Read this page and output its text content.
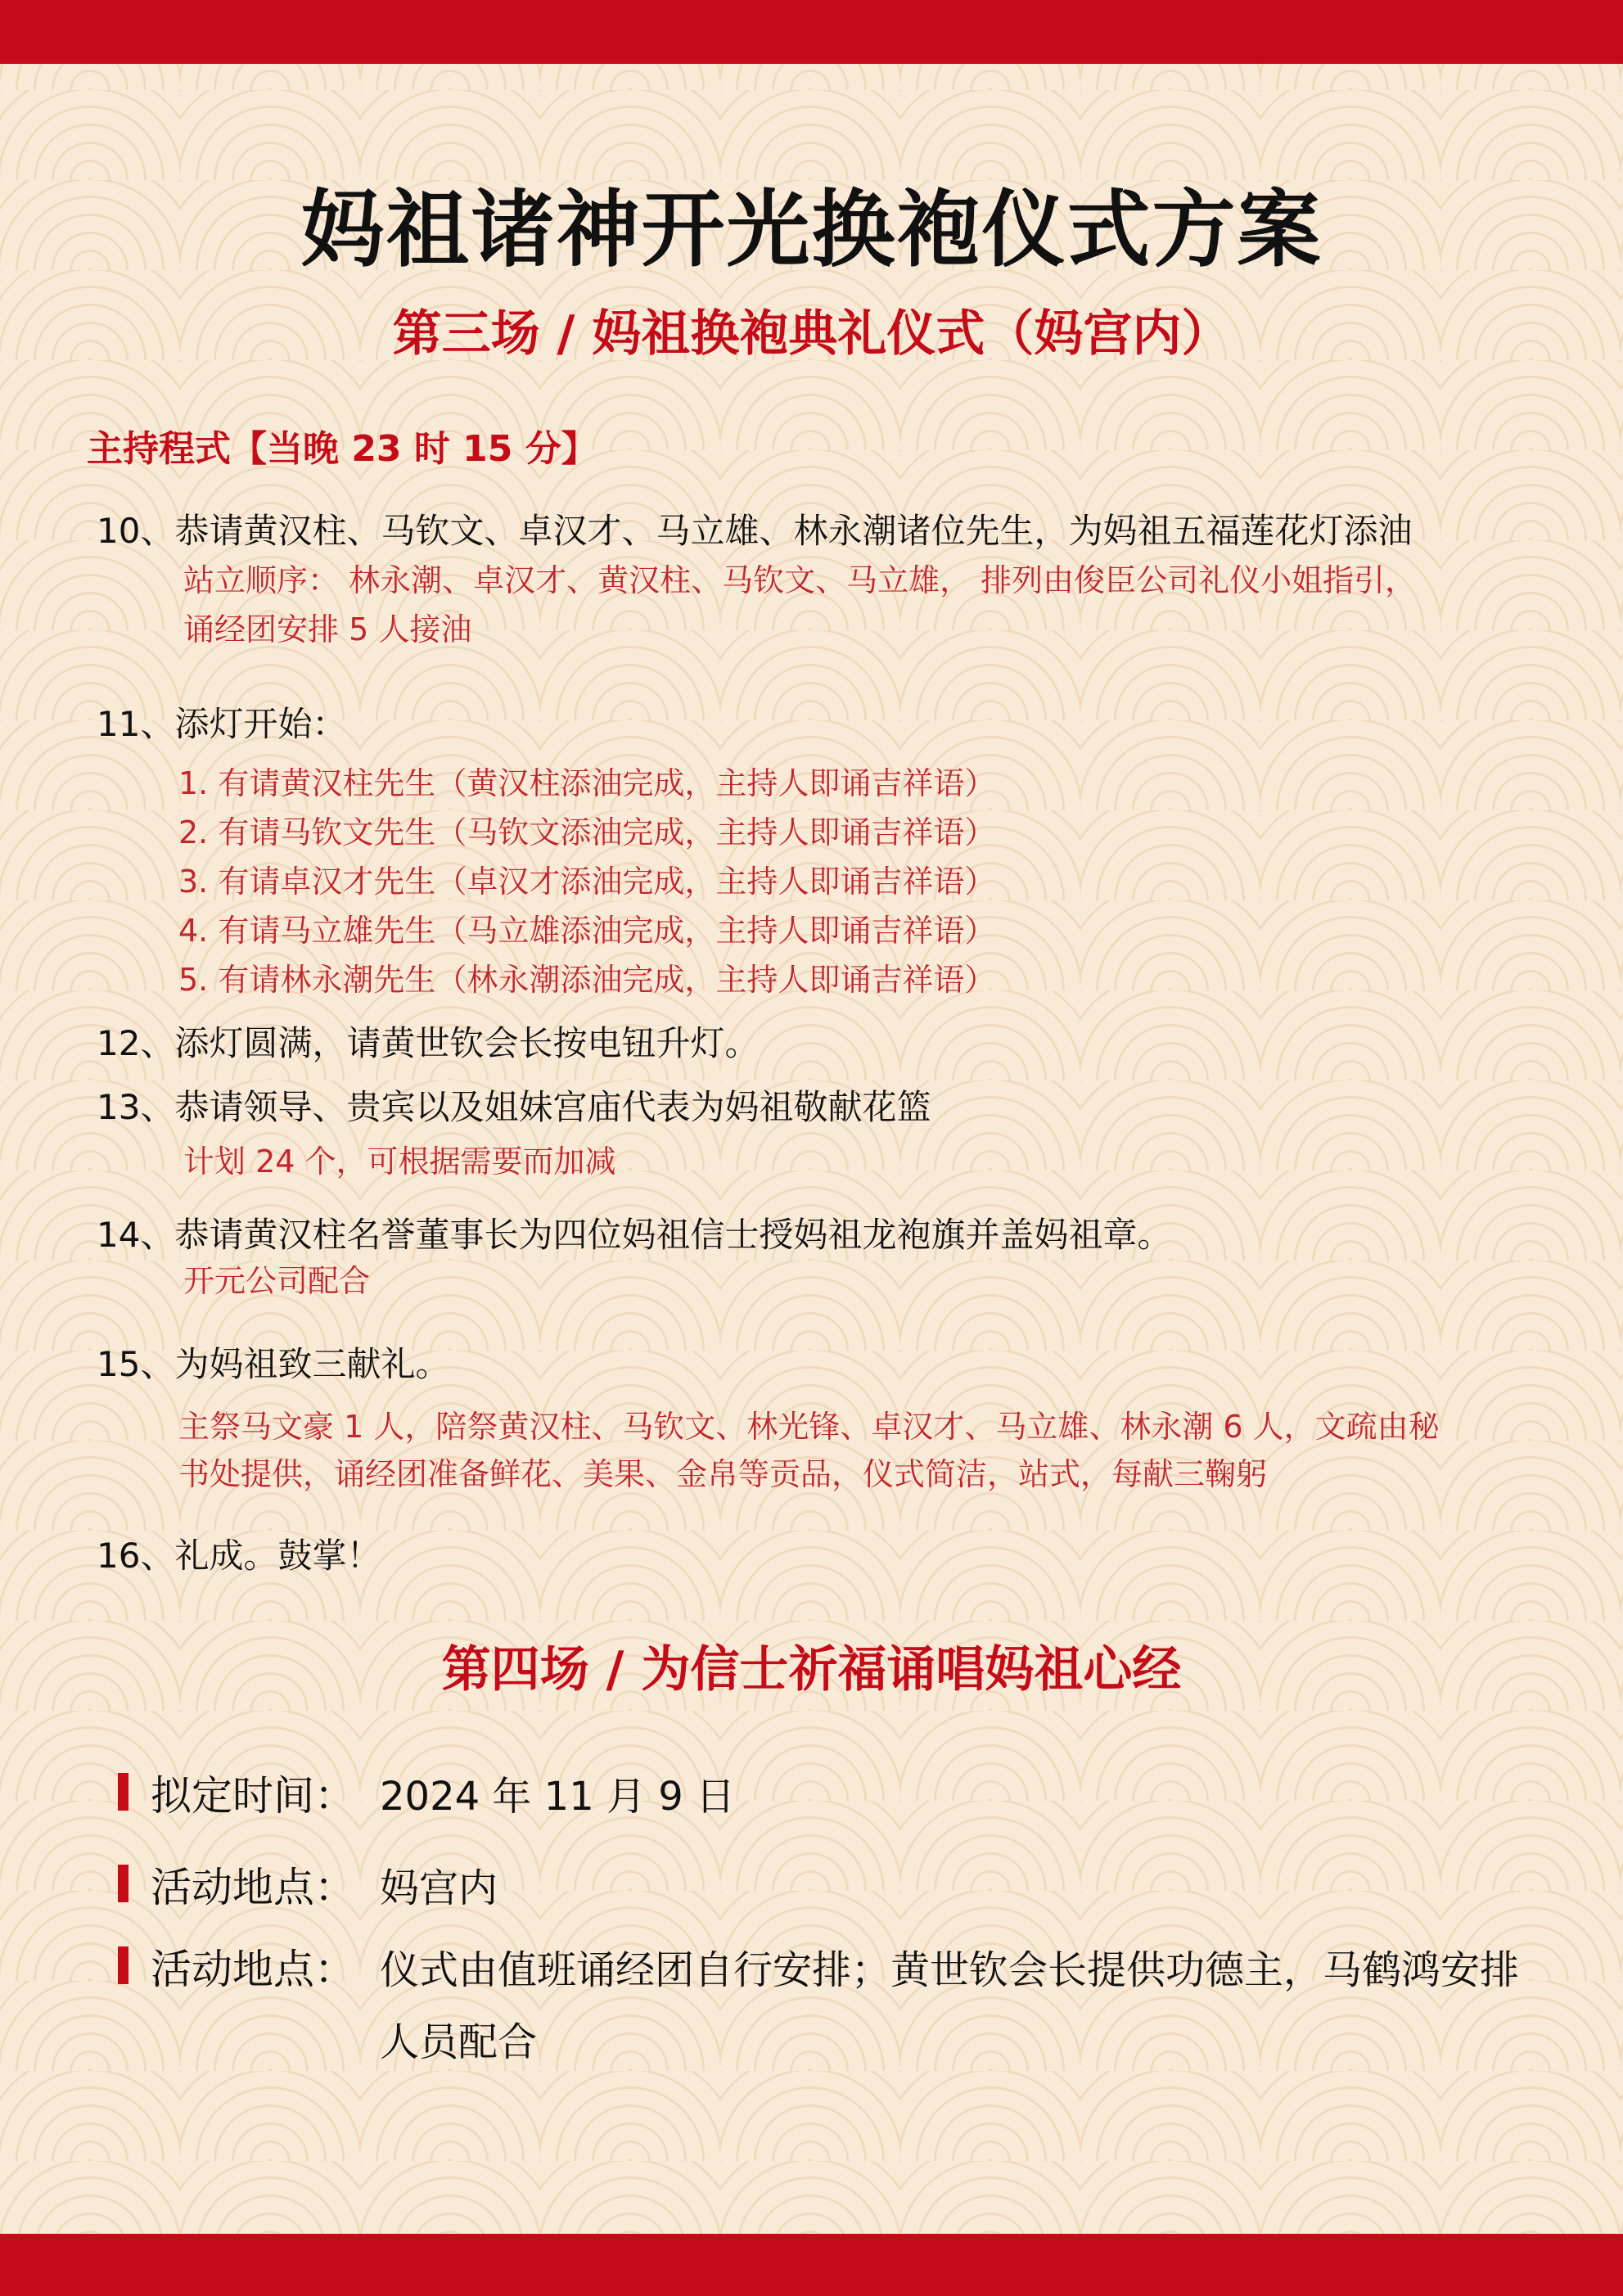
妈祖诸神开光换袍仪式方案
第三场 / 妈祖换袍典礼仪式（妈宫内）
主持程式【当晚 23 时 15 分】
10、恭请黄汉柱、马钦文、卓汉才、马立雄、林永潮诸位先生，为妈祖五福莲花灯添油
站立顺序： 林永潮、卓汉才、黄汉柱、马钦文、马立雄， 排列由俊臣公司礼仪小姐指引，
诵经团安排 5 人接油
11、添灯开始：
1. 有请黄汉柱先生（黄汉柱添油完成，主持人即诵吉祥语）
2. 有请马钦文先生（马钦文添油完成，主持人即诵吉祥语）
3. 有请卓汉才先生（卓汉才添油完成，主持人即诵吉祥语）
4. 有请马立雄先生（马立雄添油完成，主持人即诵吉祥语）
5. 有请林永潮先生（林永潮添油完成，主持人即诵吉祥语）
12、添灯圆满，请黄世钦会长按电钮升灯。
13、恭请领导、贵宾以及姐妹宫庙代表为妈祖敬献花篮
计划 24 个，可根据需要而加减
14、恭请黄汉柱名誉董事长为四位妈祖信士授妈祖龙袍旗并盖妈祖章。
开元公司配合
15、为妈祖致三献礼。
主祭马文豪 1 人，陪祭黄汉柱、马钦文、林光锋、卓汉才、马立雄、林永潮 6 人，文疏由秘
书处提供，诵经团准备鲜花、美果、金帛等贡品，仪式简洁，站式，每献三鞠躬
16、礼成。鼓掌！
第四场 / 为信士祈福诵唱妈祖心经
拟定时间： 2024 年 11 月 9 日
活动地点： 妈宫内
活动地点： 仪式由值班诵经团自行安排；黄世钦会长提供功德主，马鹤鸿安排
人员配合
